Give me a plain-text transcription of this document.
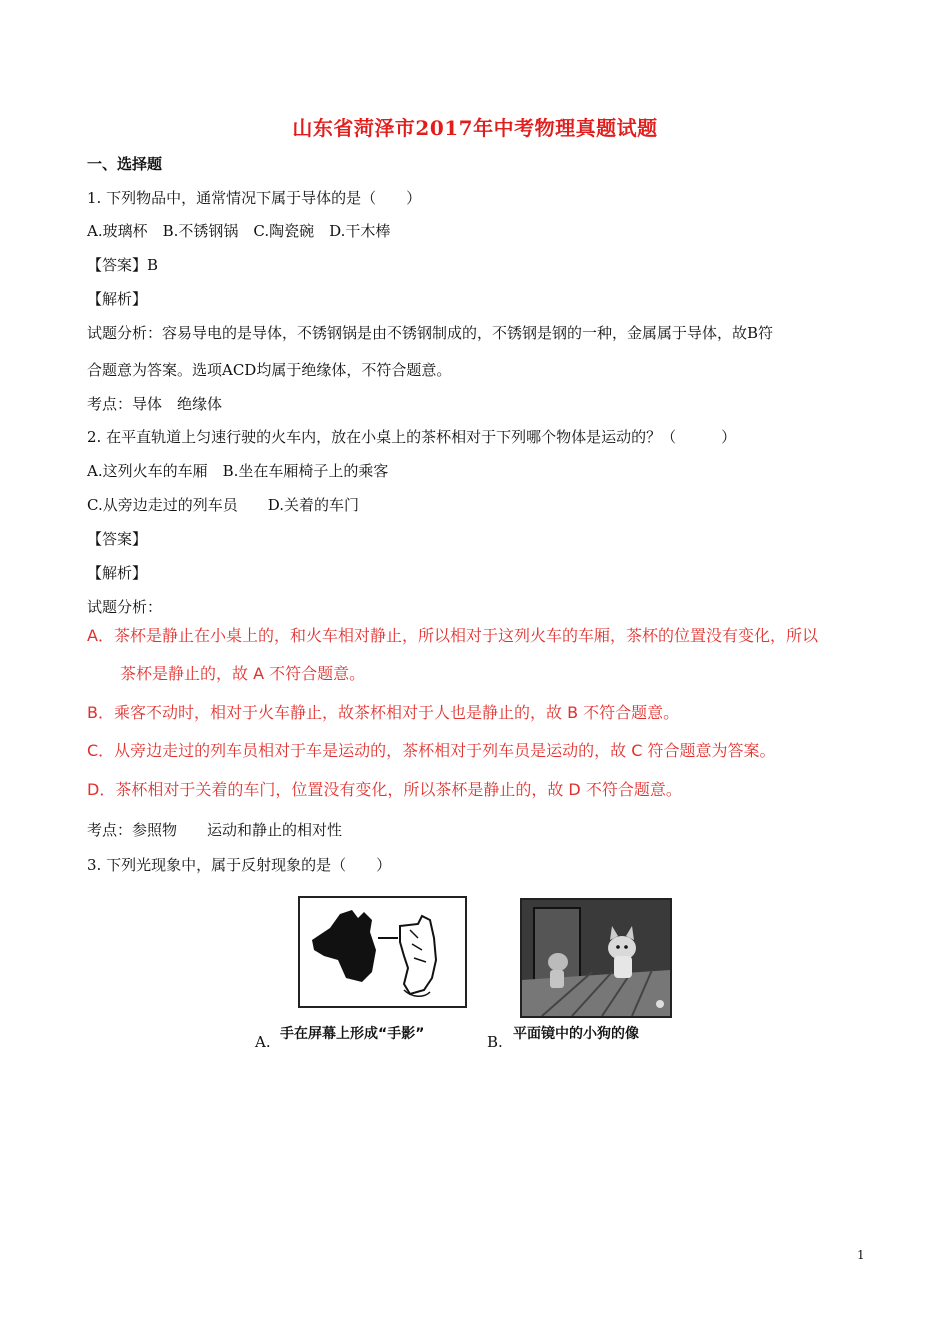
山东省菏泽市2017年中考物理真题试题
一、选择题
1. 下列物品中，通常情况下属于导体的是（　　）
A.玻璃杯　B.不锈钢锅　C.陶瓷碗　D.干木棒
【答案】B
【解析】
试题分析：容易导电的是导体，不锈钢锅是由不锈钢制成的，不锈钢是钢的一种，金属属于导体，故B符
合题意为答案。选项ACD均属于绝缘体，不符合题意。
考点：导体　绝缘体
2. 在平直轨道上匀速行驶的火车内，放在小桌上的茶杯相对于下列哪个物体是运动的？（　　　）
A.这列火车的车厢　B.坐在车厢椅子上的乘客
C.从旁边走过的列车员　　D.关着的车门
【答案】
【解析】
试题分析：
A．茶杯是静止在小桌上的，和火车相对静止，所以相对于这列火车的车厢，茶杯的位置没有变化，所以
茶杯是静止的，故 A 不符合题意。
B．乘客不动时，相对于火车静止，故茶杯相对于人也是静止的，故 B 不符合题意。
C．从旁边走过的列车员相对于车是运动的，茶杯相对于列车员是运动的，故 C 符合题意为答案。
D．茶杯相对于关着的车门，位置没有变化，所以茶杯是静止的，故 D 不符合题意。
考点：参照物　　运动和静止的相对性
3. 下列光现象中，属于反射现象的是（　　）
A. 手在屏幕上形成“手影”	B. 平面镜中的小狗的像
1
